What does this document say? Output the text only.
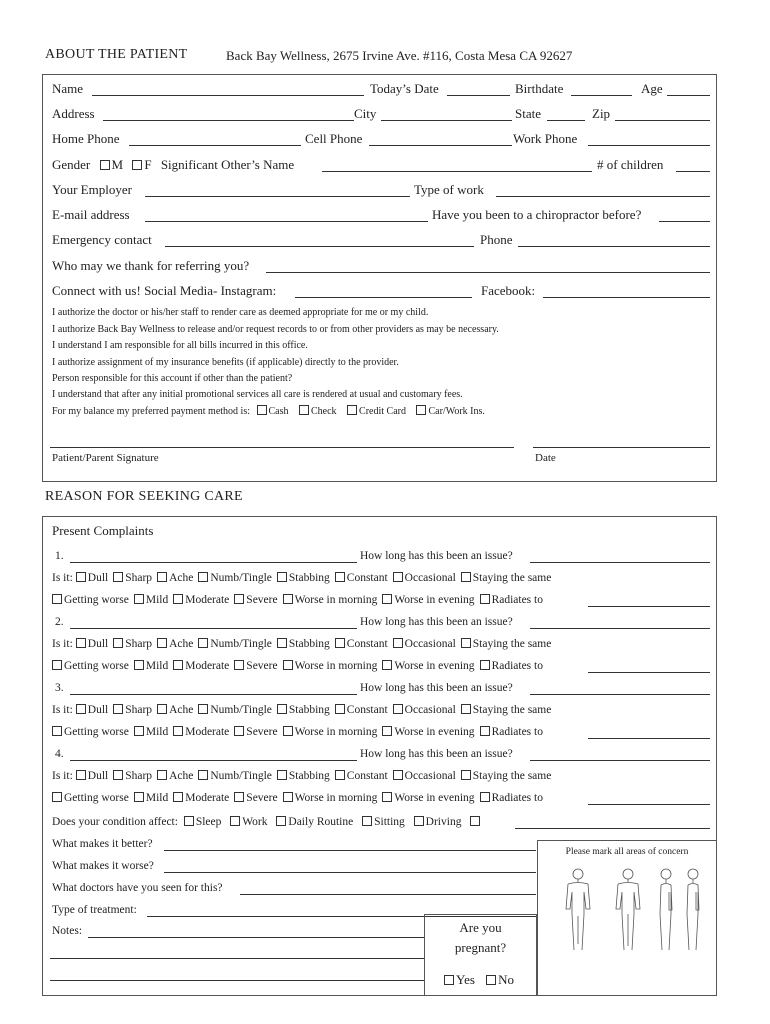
ABOUT THE PATIENT	Back Bay Wellness, 2675 Irvine Ave. #116, Costa Mesa CA 92627
Name	Today’s Date	Birthdate	Age
Address	City	State	Zip
Home Phone	Cell Phone	Work Phone
Gender M F Significant Other’s Name	# of children
Your Employer	Type of work
E-mail address	Have you been to a chiropractor before?
Emergency contact	Phone
Who may we thank for referring you?
Connect with us! Social Media- Instagram:	Facebook:
I authorize the doctor or his/her staff to render care as deemed appropriate for me or my child.
I authorize Back Bay Wellness to release and/or request records to or from other providers as may be necessary.
I understand I am responsible for all bills incurred in this office.
I authorize assignment of my insurance benefits (if applicable) directly to the provider.
Person responsible for this account if other than the patient?
I understand that after any initial promotional services all care is rendered at usual and customary fees.
For my balance my preferred payment method is: Cash Check Credit Card Car/Work Ins.
Patient/Parent Signature	Date
REASON FOR SEEKING CARE
Present Complaints
1.	How long has this been an issue?
Is it: Dull Sharp Ache Numb/Tingle Stabbing Constant Occasional Staying the same
Getting worse Mild Moderate Severe Worse in morning Worse in evening Radiates to
2.	How long has this been an issue?
Is it: Dull Sharp Ache Numb/Tingle Stabbing Constant Occasional Staying the same
Getting worse Mild Moderate Severe Worse in morning Worse in evening Radiates to
3.	How long has this been an issue?
Is it: Dull Sharp Ache Numb/Tingle Stabbing Constant Occasional Staying the same
Getting worse Mild Moderate Severe Worse in morning Worse in evening Radiates to
4.	How long has this been an issue?
Is it: Dull Sharp Ache Numb/Tingle Stabbing Constant Occasional Staying the same
Getting worse Mild Moderate Severe Worse in morning Worse in evening Radiates to
Does your condition affect: Sleep Work Daily Routine Sitting Driving
What makes it better?
What makes it worse?
What doctors have you seen for this?
Type of treatment:
Notes:	Are you
pregnant?
Yes No
Please mark all areas of concern
